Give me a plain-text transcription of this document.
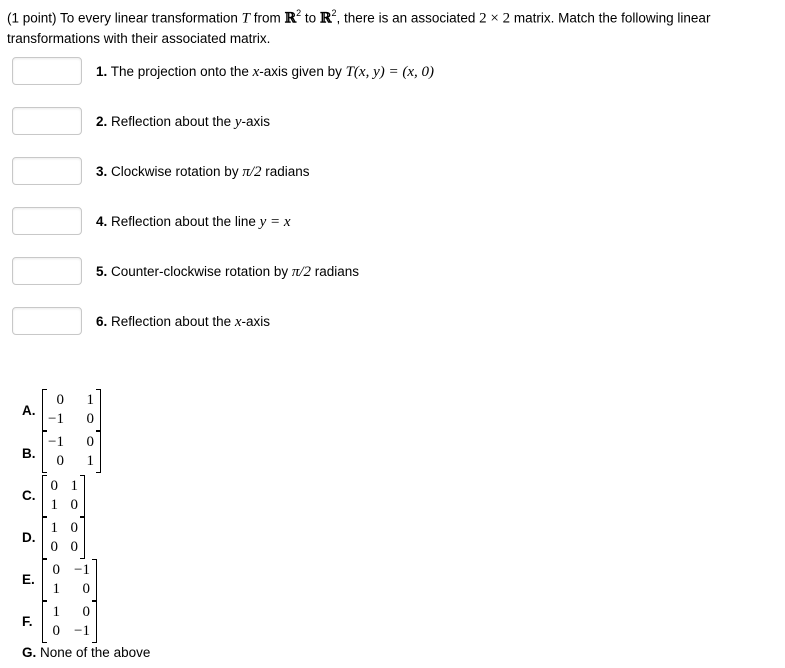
(1 point) To every linear transformation T from ℝ$^2$ to ℝ$^2$, there is an associated 2 × 2 matrix. Match the following linear transformations with their associated matrix.
1. The projection onto the x-axis given by T(x, y) = (x, 0)
2. Reflection about the y-axis
3. Clockwise rotation by π/2 radians
4. Reflection about the line y = x
5. Counter-clockwise rotation by π/2 radians
6. Reflection about the x-axis
A.
0	1
−1	0
B.
−1	0
0	1
C.
0 1
1 0
D.
1 0
0 0
E.
0 −1
1	0
F.
1	0
0 −1
G. None of the above
